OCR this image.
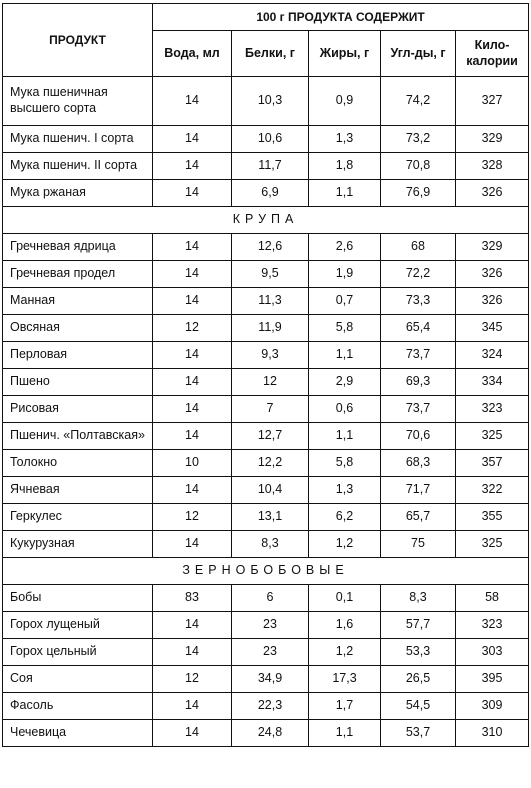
ПРОДУКТ	100 г ПРОДУКТА СОДЕРЖИТ				
	Вода, мл	Белки, г	Жиры, г	Угл-ды, г	Кило-
калории
Мука пшеничная
высшего сорта	14	10,3	0,9	74,2	327
Мука пшенич. I сорта	14	10,6	1,3	73,2	329
Мука пшенич. II сорта	14	11,7	1,8	70,8	328
Мука ржаная	14	6,9	1,1	76,9	326
КРУПА					
Гречневая ядрица	14	12,6	2,6	68	329
Гречневая продел	14	9,5	1,9	72,2	326
Манная	14	11,3	0,7	73,3	326
Овсяная	12	11,9	5,8	65,4	345
Перловая	14	9,3	1,1	73,7	324
Пшено	14	12	2,9	69,3	334
Рисовая	14	7	0,6	73,7	323
Пшенич. «Полтавская»	14	12,7	1,1	70,6	325
Толокно	10	12,2	5,8	68,3	357
Ячневая	14	10,4	1,3	71,7	322
Геркулес	12	13,1	6,2	65,7	355
Кукурузная	14	8,3	1,2	75	325
ЗЕРНОБОБОВЫЕ					
Бобы	83	6	0,1	8,3	58
Горох лущеный	14	23	1,6	57,7	323
Горох цельный	14	23	1,2	53,3	303
Соя	12	34,9	17,3	26,5	395
Фасоль	14	22,3	1,7	54,5	309
Чечевица	14	24,8	1,1	53,7	310
